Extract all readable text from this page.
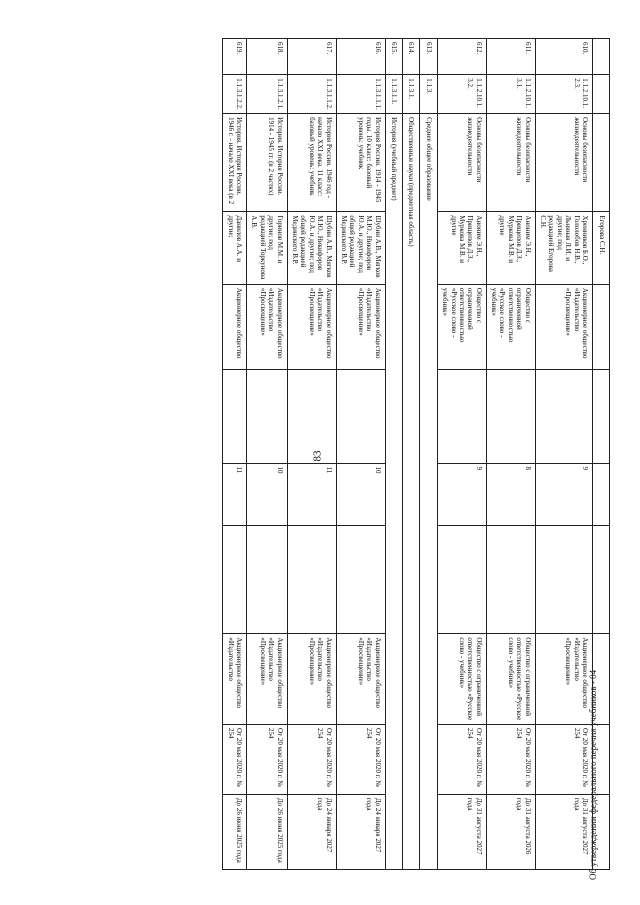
83
Об утверждении федерального перечня учебников - 04
			Егорова С.Н.							
610.	1.1.2.10.1.2.3.	Основы безопасности жизнедеятельности	Хренников Б.О., Гололобов Н.В., Льняная Л.И. и другие; под редакцией Егорова С.Н.	Акционерное общество «Издательство «Просвещение»		9		Акционерное общество «Издательство «Просвещение»	От 20 мая 2020 г. № 254	До 31 августа 2027 года
611.	1.1.2.10.1.3.1.	Основы безопасности жизнедеятельности	Аноним Э.Н., Прищепов Д.З., Муркова М.В. и другие	Общество с ограниченной ответственностью «Русское слово - учебник»		8		Общество с ограниченной ответственностью «Русское слово - учебник»	От 20 мая 2020 г. № 254	До 31 августа 2026 года
612.	1.1.2.10.1.3.2.	Основы безопасности жизнедеятельности	Аноним Э.Н., Прищепов Д.З., Муркова М.В. и другие	Общество с ограниченной ответственностью «Русское слово - учебник»		9		Общество с ограниченной ответственностью «Русское слово - учебник»	От 20 мая 2020 г. № 254	До 31 августа 2027 года
613.	1.1.3.	Среднее общее образование								
614.	1.1.3.1.	Общественные науки (предметная область)								
615.	1.1.3.1.1.	История (учебный предмет)								
616.	1.1.3.1.1.1.	История России. 1914 - 1945 годы. 10 класс: базовый уровень: учебник	Шубин А.В., Мягков М.Ю., Никифоров Ю.А. и другие; под общей редакцией Мединского В.Р.	Акционерное общество «Издательство «Просвещение»		10		Акционерное общество «Издательство «Просвещение»	От 20 мая 2020 г. № 254	До 24 января 2027 года
617.	1.1.3.1.1.2.	История России. 1946 год - начало XXI века. 11 класс: базовый уровень: учебник	Шубин А.В., Мягков М.Ю., Никифоров Ю.А. и другие; под общей редакцией Мединского В.Р.	Акционерное общество «Издательство «Просвещение»		11		Акционерное общество «Издательство «Просвещение»	От 20 мая 2020 г. № 254	До 24 января 2027 года
618.	1.1.3.1.2.1.	История. История России. 1914 - 1945 гг. (в 2 частях)	Горинов М.М. и другие; под редакцией Торкунова А.В.	Акционерное общество «Издательство «Просвещение»		10		Акционерное общество «Издательство «Просвещение»	От 20 мая 2020 г. № 254	До 26 июня 2025 года
619.	1.1.3.1.2.2.	История. История России. 1946 г. - начало XXI века (в 2	Данилов А.А. и другие;	Акционерное общество		11		Акционерное общество «Издательство	От 20 мая 2020 г. № 254	До 26 июня 2025 года
